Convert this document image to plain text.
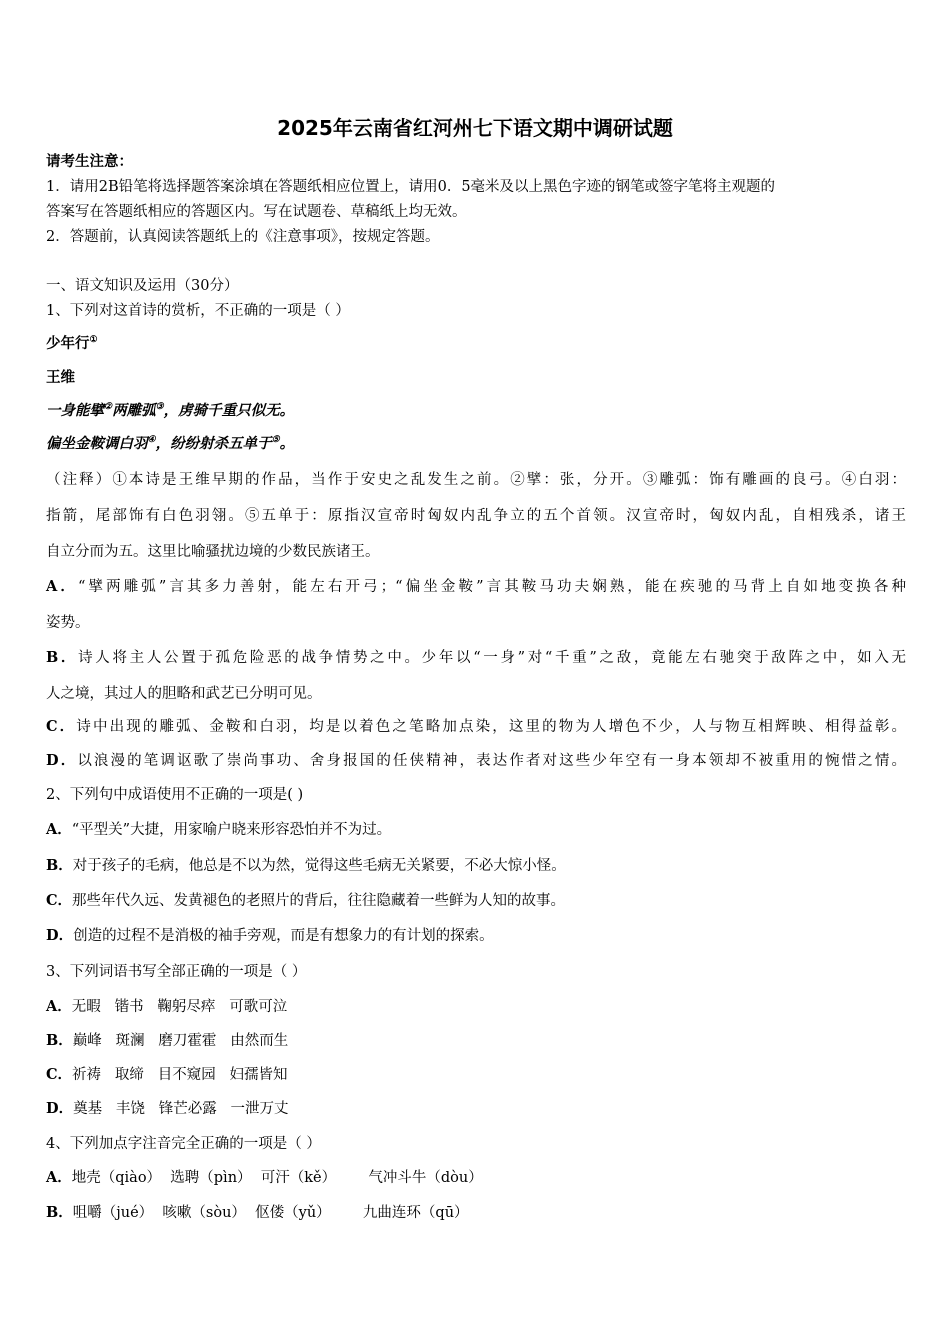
2025年云南省红河州七下语文期中调研试题
请考生注意：
1．请用2B铅笔将选择题答案涂填在答题纸相应位置上，请用0．5毫米及以上黑色字迹的钢笔或签字笔将主观题的
答案写在答题纸相应的答题区内。写在试题卷、草稿纸上均无效。
2．答题前，认真阅读答题纸上的《注意事项》，按规定答题。
一、语文知识及运用（30分）
1、下列对这首诗的赏析，不正确的一项是（ ）
少年行①
王维
一身能擘②两雕弧③，虏骑千重只似无。
偏坐金鞍调白羽④，纷纷射杀五单于⑤。
（注释）①本诗是王维早期的作品，当作于安史之乱发生之前。②擘：张，分开。③雕弧：饰有雕画的良弓。④白羽：
指箭，尾部饰有白色羽翎。⑤五单于：原指汉宣帝时匈奴内乱争立的五个首领。汉宣帝时，匈奴内乱，自相残杀，诸王
自立分而为五。这里比喻骚扰边境的少数民族诸王。
A．“擘两雕弧”言其多力善射，能左右开弓；“偏坐金鞍”言其鞍马功夫娴熟，能在疾驰的马背上自如地变换各种
姿势。
B．诗人将主人公置于孤危险恶的战争情势之中。少年以“一身”对“千重”之敌，竟能左右驰突于敌阵之中，如入无
人之境，其过人的胆略和武艺已分明可见。
C．诗中出现的雕弧、金鞍和白羽，均是以着色之笔略加点染，这里的物为人增色不少，人与物互相辉映、相得益彰。
D．以浪漫的笔调讴歌了崇尚事功、舍身报国的任侠精神，表达作者对这些少年空有一身本领却不被重用的惋惜之情。
2、下列句中成语使用不正确的一项是( )
A．“平型关”大捷，用家喻户晓来形容恐怕并不为过。
B．对于孩子的毛病，他总是不以为然，觉得这些毛病无关紧要，不必大惊小怪。
C．那些年代久远、发黄褪色的老照片的背后，往往隐藏着一些鲜为人知的故事。
D．创造的过程不是消极的袖手旁观，而是有想象力的有计划的探索。
3、下列词语书写全部正确的一项是（ ）
A．无暇   锴书   鞠躬尽瘁   可歌可泣
B．巅峰   斑澜   磨刀霍霍   由然而生
C．祈祷   取缔   目不窥园   妇孺皆知
D．奠基   丰饶   锋芒必露   一泄万丈
4、下列加点字注音完全正确的一项是（ ）
A．地壳（qiào）  选聘（pìn）  可汗（kě）       气冲斗牛（dòu）
B．咀嚼（jué）  咳嗽（sòu）  伛偻（yǔ）       九曲连环（qū）
